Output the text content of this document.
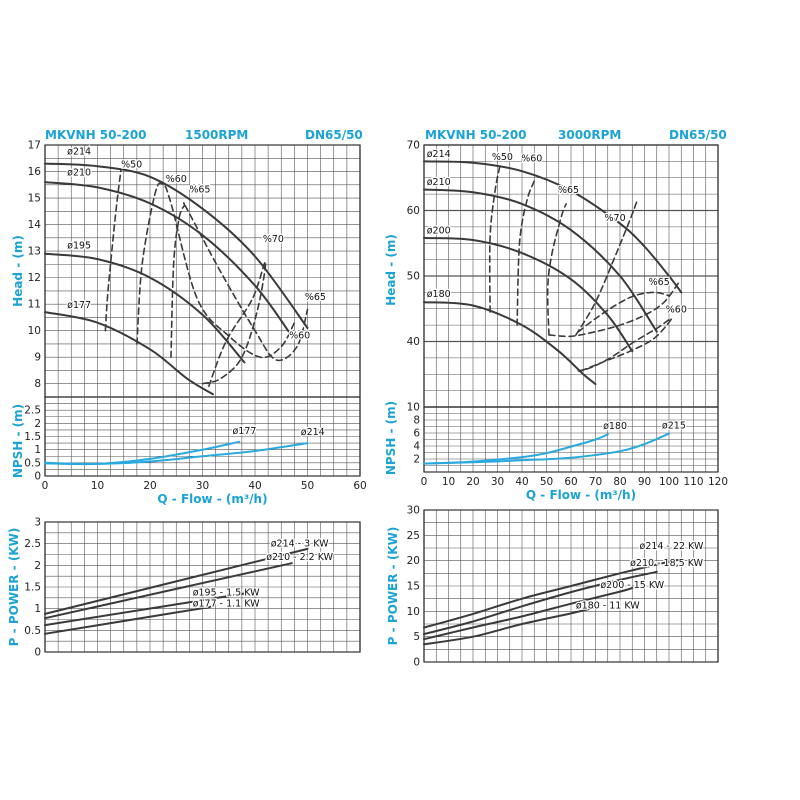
MKVNH 50-200	1500RPM	DN65/50	MKVNH 50-200	3000RPM	DN65/50
8
9
10
11
12
13
14
15
16
17
Head - (m)
ø214
ø210
ø195
ø177
%50
%60
%65
%70
%65
%60
0
0.5
1
1.5
2
2.5
0	10	20	30	40	50	60
NPSH - (m)
Q - Flow - (m³/h)
ø177	ø214
40
50
60
70
Head - (m)
ø214
ø210
ø200
ø180
%50 %60
%65
%70
%65
%60
2
4
6
8
10
0 10 20 30 40 50 60 70 80 90 100 110 120
NPSH - (m)
Q - Flow - (m³/h)
ø180	ø215
0
0.5
1
1.5
2
2.5
3
P - POWER - (KW)	ø214 - 3 KW
ø210 - 2.2 KW
ø195 - 1.5 KW
ø177 - 1.1 KW
0
5
10
15
20
25
30
P - POWER - (KW)	ø214 - 22 KW
ø210 - 18,5 KW
ø200 - 15 KW
ø180 - 11 KW
